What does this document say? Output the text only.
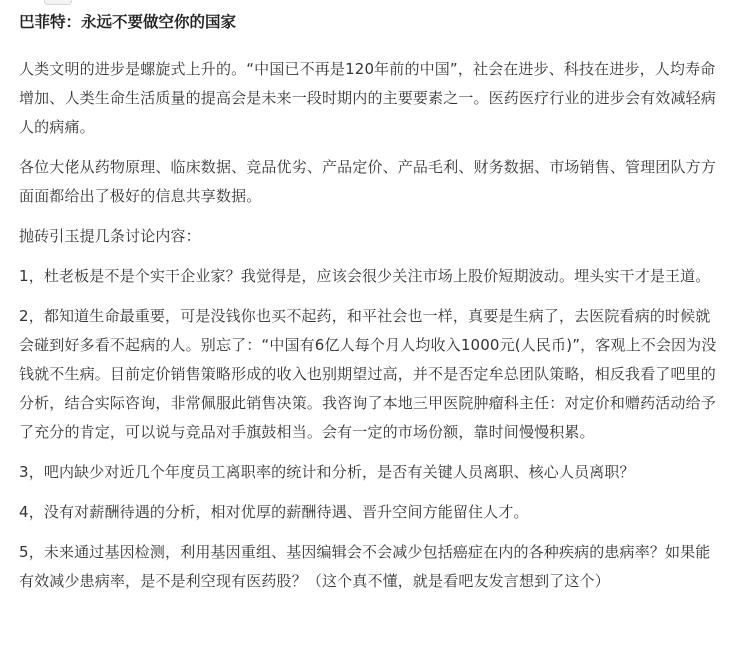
巴菲特：永远不要做空你的国家

人类文明的进步是螺旋式上升的。“中国已不再是120年前的中国”，社会在进步、科技在进步，人均寿命增加、人类生命生活质量的提高会是未来一段时期内的主要要素之一。医药医疗行业的进步会有效减轻病人的病痛。

各位大佬从药物原理、临床数据、竞品优劣、产品定价、产品毛利、财务数据、市场销售、管理团队方方面面都给出了极好的信息共享数据。

抛砖引玉提几条讨论内容：

1，杜老板是不是个实干企业家？我觉得是，应该会很少关注市场上股价短期波动。埋头实干才是王道。

2，都知道生命最重要，可是没钱你也买不起药，和平社会也一样，真要是生病了，去医院看病的时候就会碰到好多看不起病的人。别忘了：“中国有6亿人每个月人均收入1000元(人民币)”，客观上不会因为没钱就不生病。目前定价销售策略形成的收入也别期望过高，并不是否定牟总团队策略，相反我看了吧里的分析，结合实际咨询，非常佩服此销售决策。我咨询了本地三甲医院肿瘤科主任：对定价和赠药活动给予了充分的肯定，可以说与竞品对手旗鼓相当。会有一定的市场份额，靠时间慢慢积累。

3，吧内缺少对近几个年度员工离职率的统计和分析，是否有关键人员离职、核心人员离职？

4，没有对薪酬待遇的分析，相对优厚的薪酬待遇、晋升空间方能留住人才。

5，未来通过基因检测，利用基因重组、基因编辑会不会减少包括癌症在内的各种疾病的患病率？如果能有效减少患病率，是不是利空现有医药股？（这个真不懂，就是看吧友发言想到了这个）
